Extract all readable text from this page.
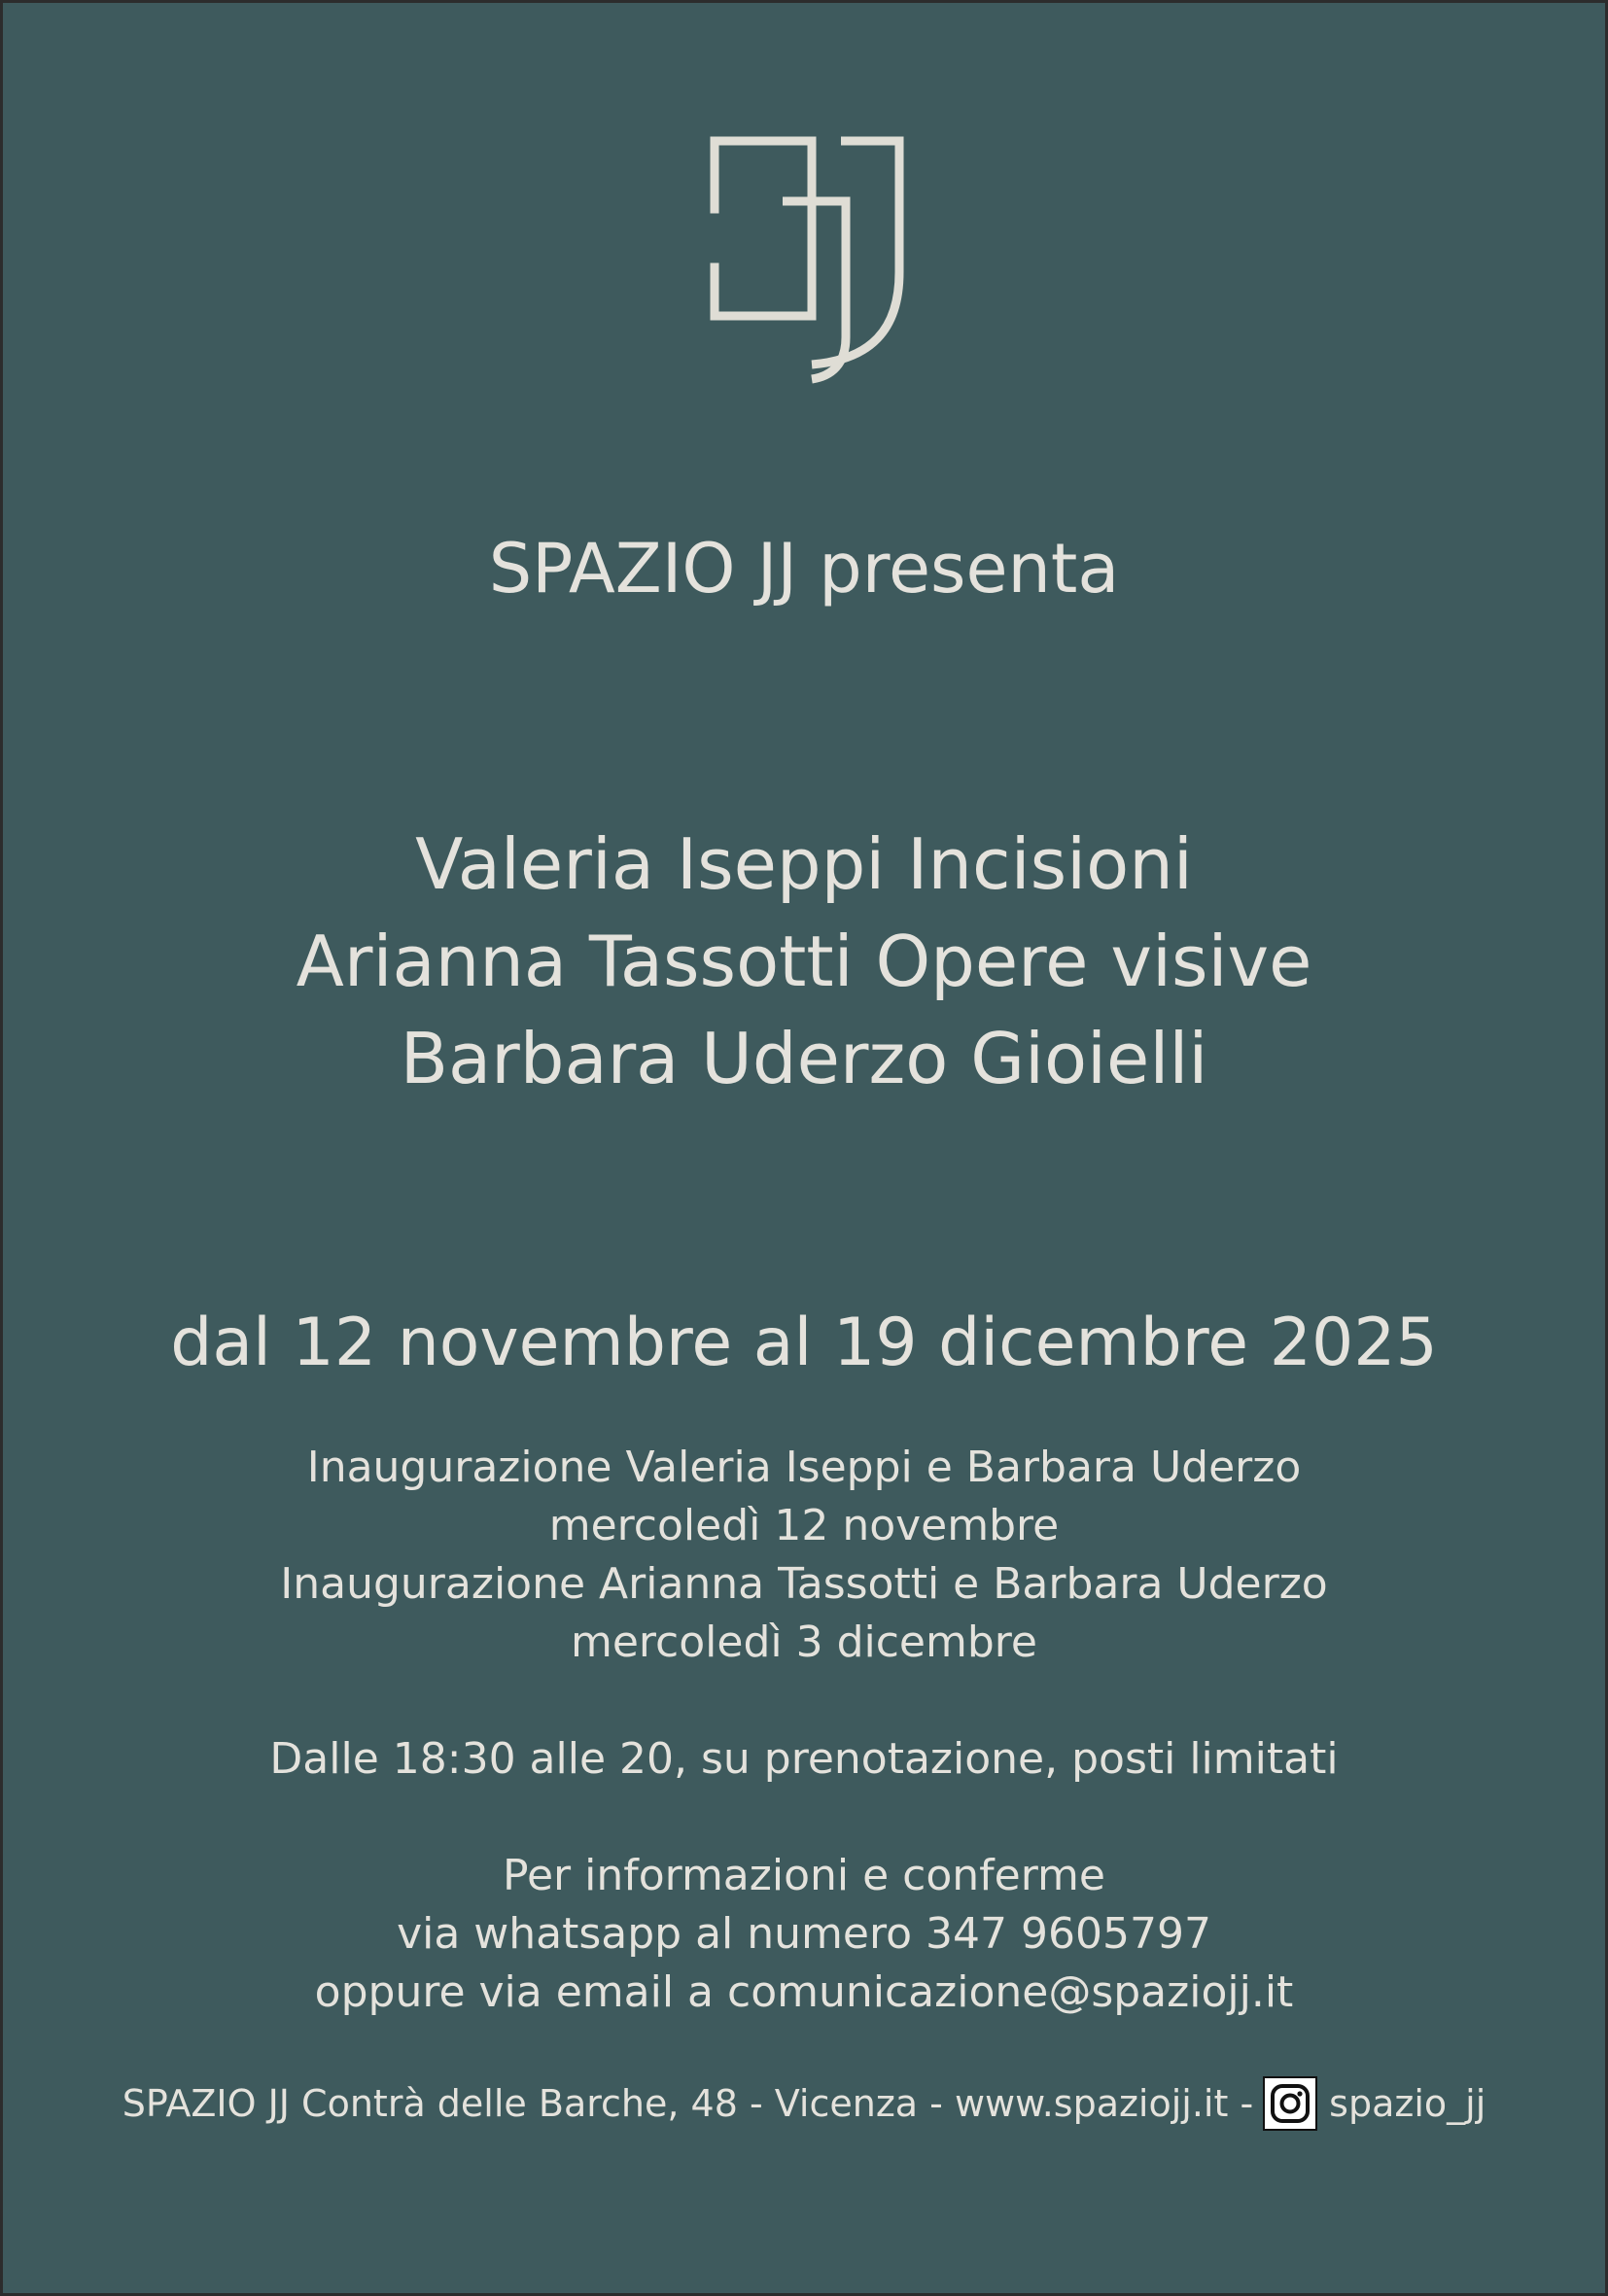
SPAZIO JJ presenta

Valeria Iseppi Incisioni

Arianna Tassotti Opere visive

Barbara Uderzo Gioielli

dal 12 novembre al 19 dicembre 2025

Inaugurazione Valeria Iseppi e Barbara Uderzo

mercoledì 12 novembre

Inaugurazione Arianna Tassotti e Barbara Uderzo

mercoledì 3 dicembre

Dalle 18:30 alle 20, su prenotazione, posti limitati

Per informazioni e conferme

via whatsapp al numero 347 9605797

oppure via email a comunicazione@spaziojj.it

SPAZIO JJ Contrà delle Barche, 48 - Vicenza - www.spaziojj.it - spazio_jj
